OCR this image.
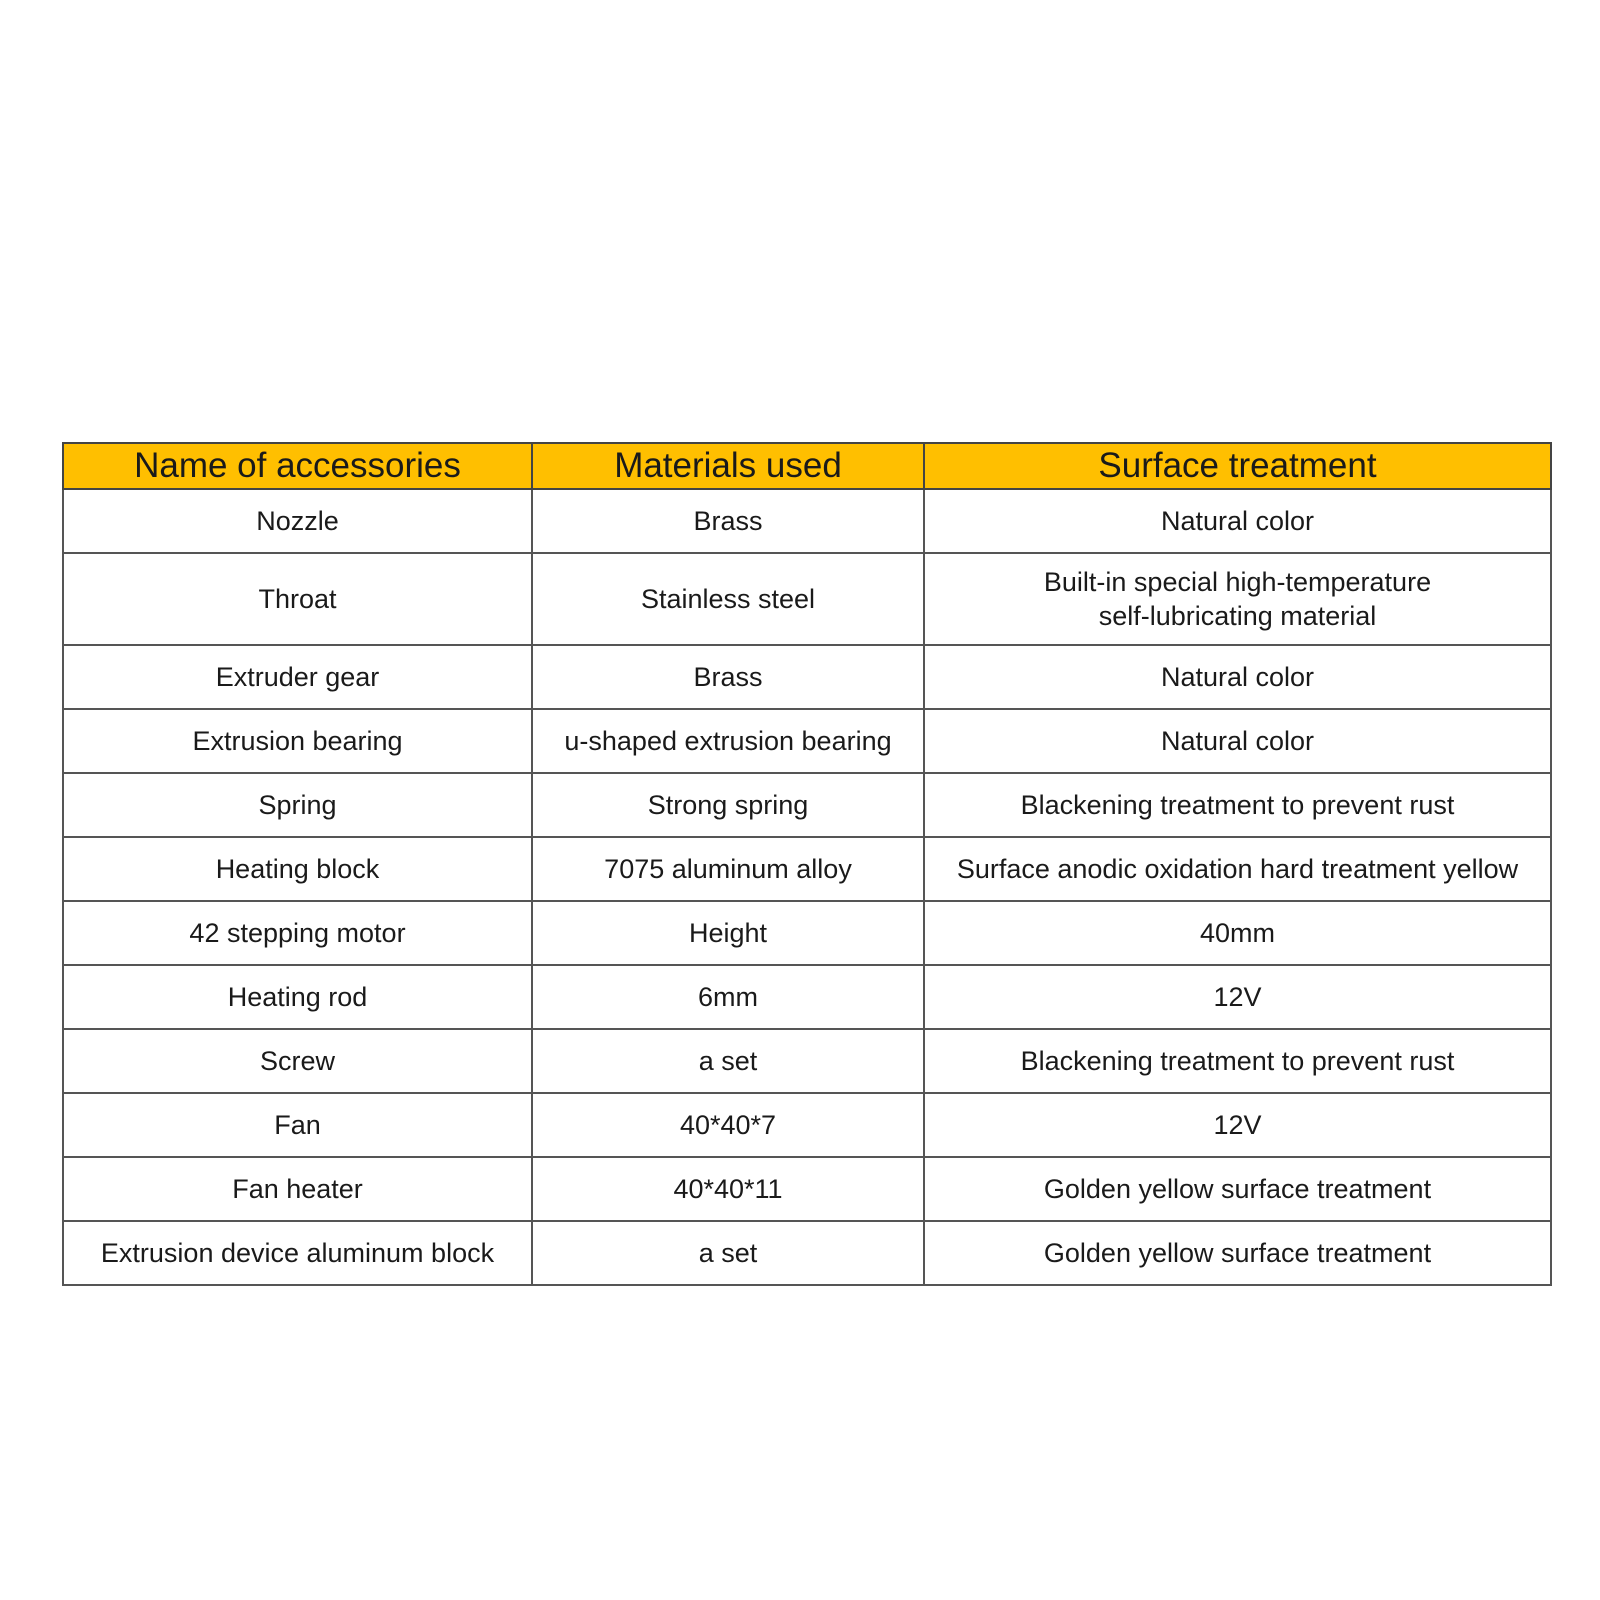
Name of accessories	Materials used	Surface treatment
Nozzle	Brass	Natural color
Throat	Stainless steel	Built-in special high-temperature
self-lubricating material

Extruder gear	Brass	Natural color
Extrusion bearing	u-shaped extrusion bearing	Natural color
Spring	Strong spring	Blackening treatment to prevent rust
Heating block	7075 aluminum alloy	Surface anodic oxidation hard treatment yellow
42 stepping motor	Height	40mm
Heating rod	6mm	12V
Screw	a set	Blackening treatment to prevent rust
Fan	40*40*7	12V
Fan heater	40*40*11	Golden yellow surface treatment
Extrusion device aluminum block	a set	Golden yellow surface treatment
